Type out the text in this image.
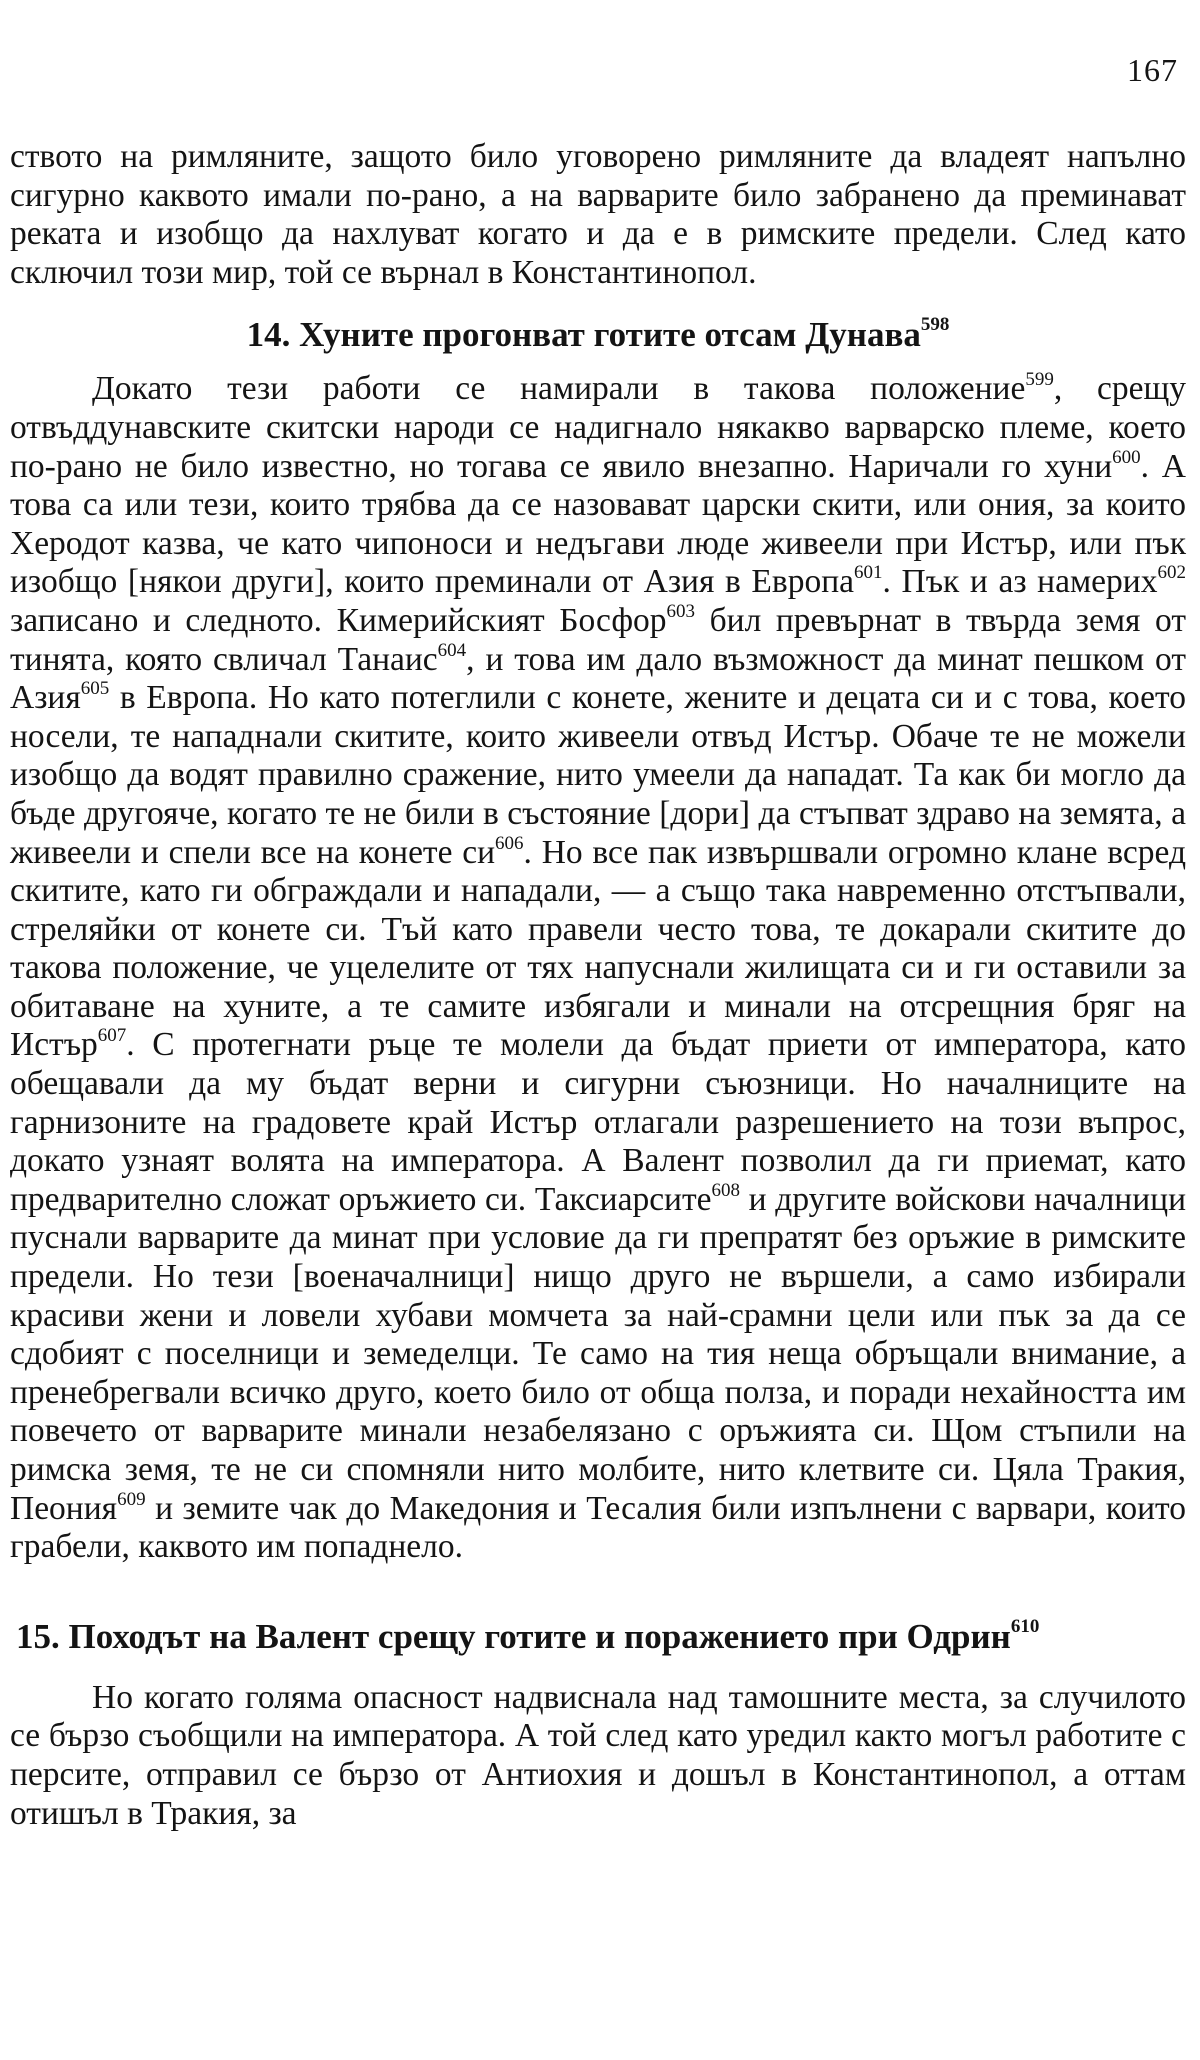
167

ството на римляните, защото било уговорено римляните да владеят напълно сигурно каквото имали по-рано, а на варварите било забранено да преминават реката и изобщо да нахлуват когато и да е в римските предели. След като сключил този мир, той се върнал в Константинопол.

14. Хуните прогонват готите отсам Дунава$^{598}$

Докато тези работи се намирали в такова положение$^{599}$, срещу отвъддунавските скитски народи се надигнало някакво варварско племе, което по-рано не било известно, но тогава се явило внезапно. Наричали го хуни$^{600}$. А това са или тези, които трябва да се назовават царски скити, или ония, за които Херодот казва, че като чипоноси и недъгави люде живеели при Истър, или пък изобщо [някои други], които преминали от Азия в Европа$^{601}$. Пък и аз намерих$^{602}$ записано и следното. Кимерийският Босфор$^{603}$ бил превърнат в твърда земя от тинята, която свличал Танаис$^{604}$, и това им дало възможност да минат пешком от Азия$^{605}$ в Европа. Но като потеглили с конете, жените и децата си и с това, което носели, те нападнали скитите, които живеели отвъд Истър. Обаче те не можели изобщо да водят правилно сражение, нито умеели да нападат. Та как би могло да бъде другояче, когато те не били в състояние [дори] да стъпват здраво на земята, а живеели и спели все на конете $си^{606}$. Но все пак извършвали огромно клане всред скитите, като ги обграждали и нападали, — а също така навременно отстъпвали, стреляйки от конете си. Тъй като правели често това, те докарали скитите до такова положение, че уцелелите от тях напуснали жилищата си и ги оставили за обитаване на хуните, а те самите избягали и минали на отсрещния бряг на Истър$^{607}$. С протегнати ръце те молели да бъдат приети от императора, като обещавали да му бъдат верни и сигурни съюзници. Но началниците на гарнизоните на градовете край Истър отлагали разрешението на този въпрос, докато узнаят волята на императора. А Валент позволил да ги приемат, като предварително сложат оръжието си. Таксиарсите$^{608}$ и другите войскови началници пуснали варварите да минат при условие да ги препратят без оръжие в римските предели. Но тези [военачалници] нищо друго не вършели, а само избирали красиви жени и ловели хубави момчета за най-срамни цели или пък за да се сдобият с поселници и земеделци. Те само на тия неща обръщали внимание, а пренебрегвали всичко друго, което било от обща полза, и поради нехайността им повечето от варварите минали незабелязано с оръжията си. Щом стъпили на римска земя, те не си спомняли нито молбите, нито клетвите си. Цяла Тракия, Пеония$^{609}$ и земите чак до Македония и Тесалия били изпълнени с варвари, които грабели, каквото им попаднело.

15. Походът на Валент срещу готите и поражението при Одрин$^{610}$

Но когато голяма опасност надвиснала над тамошните места, за случилото се бързо съобщили на императора. А той след като уредил както могъл работите с персите, отправил се бързо от Антиохия и дошъл в Константинопол, а оттам отишъл в Тракия, за
